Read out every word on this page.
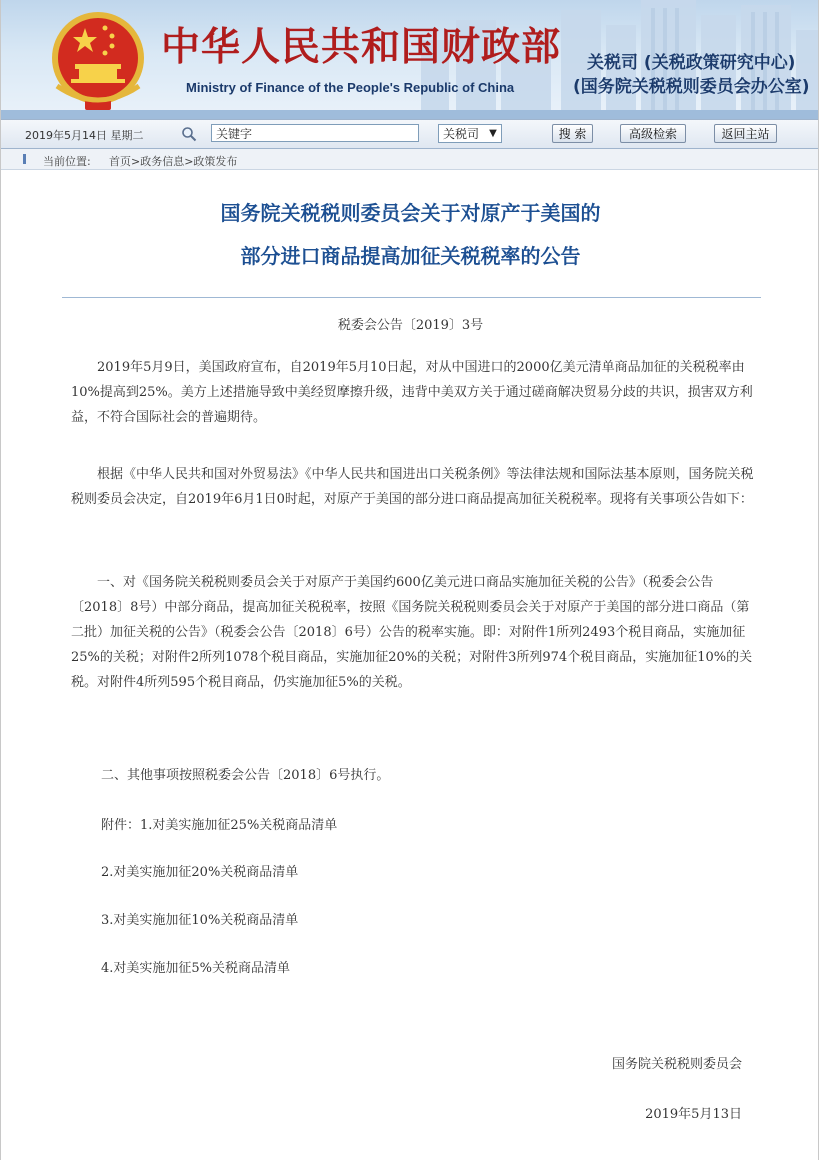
中华人民共和国财政部
Ministry of Finance of the People's Republic of China
关税司 (关税政策研究中心)
(国务院关税税则委员会办公室)
2019年5月14日 星期二
关键字	关税司	▼	搜 索	高级检索	返回主站
当前位置: 首页>政务信息>政策发布
国务院关税税则委员会关于对原产于美国的
部分进口商品提高加征关税税率的公告
税委会公告〔2019〕3号
2019年5月9日，美国政府宣布，自2019年5月10日起，对从中国进口的2000亿美元清单商品加征的关税税率由10%提高到25%。美方上述措施导致中美经贸摩擦升级，违背中美双方关于通过磋商解决贸易分歧的共识，损害双方利益，不符合国际社会的普遍期待。
根据《中华人民共和国对外贸易法》《中华人民共和国进出口关税条例》等法律法规和国际法基本原则，国务院关税税则委员会决定，自2019年6月1日0时起，对原产于美国的部分进口商品提高加征关税税率。现将有关事项公告如下：
一、对《国务院关税税则委员会关于对原产于美国约600亿美元进口商品实施加征关税的公告》（税委会公告〔2018〕8号）中部分商品，提高加征关税税率，按照《国务院关税税则委员会关于对原产于美国的部分进口商品（第二批）加征关税的公告》（税委会公告〔2018〕6号）公告的税率实施。即：对附件1所列2493个税目商品，实施加征25%的关税；对附件2所列1078个税目商品，实施加征20%的关税；对附件3所列974个税目商品，实施加征10%的关税。对附件4所列595个税目商品，仍实施加征5%的关税。
二、其他事项按照税委会公告〔2018〕6号执行。
附件：1.对美实施加征25%关税商品清单
2.对美实施加征20%关税商品清单
3.对美实施加征10%关税商品清单
4.对美实施加征5%关税商品清单
国务院关税税则委员会
2019年5月13日
